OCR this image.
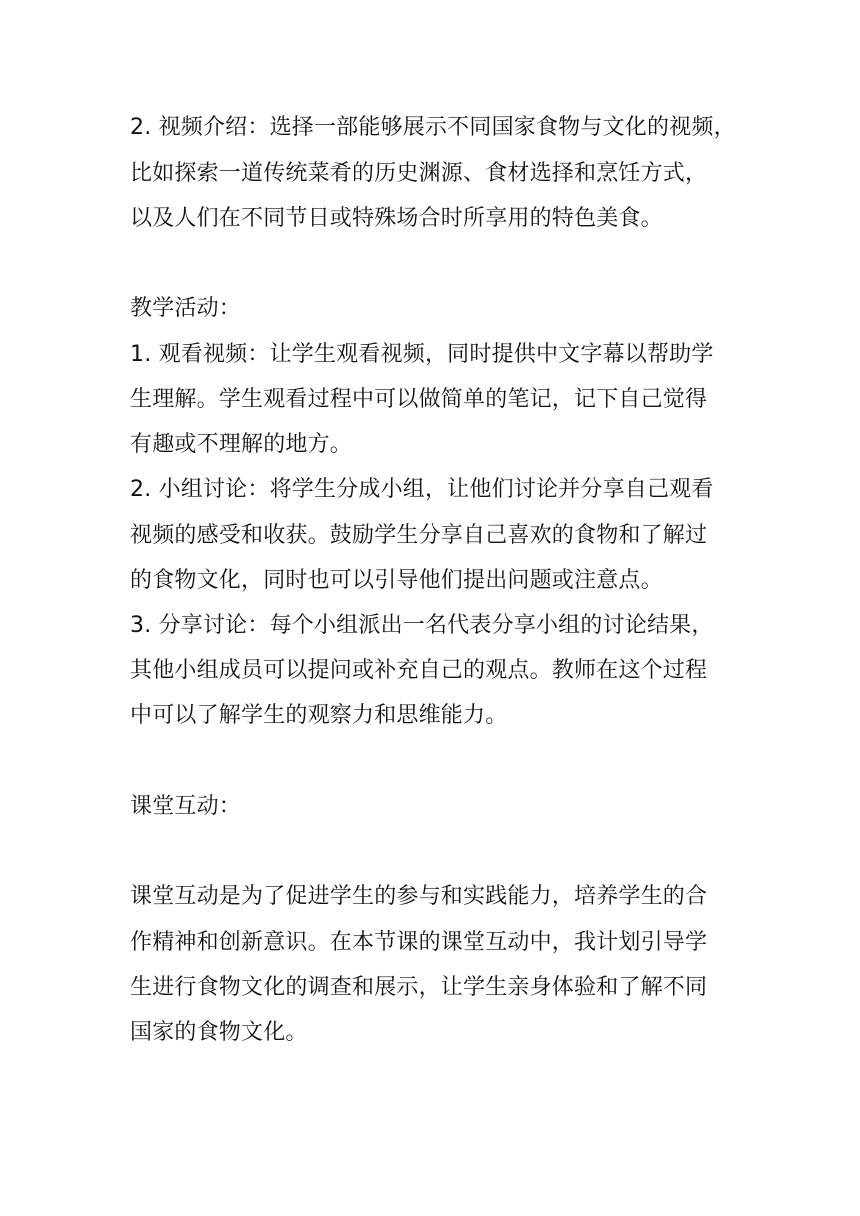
2. 视频介绍：选择一部能够展示不同国家食物与文化的视频，
比如探索一道传统菜肴的历史渊源、食材选择和烹饪方式，
以及人们在不同节日或特殊场合时所享用的特色美食。
教学活动：
1. 观看视频：让学生观看视频，同时提供中文字幕以帮助学
生理解。学生观看过程中可以做简单的笔记，记下自己觉得
有趣或不理解的地方。
2. 小组讨论：将学生分成小组，让他们讨论并分享自己观看
视频的感受和收获。鼓励学生分享自己喜欢的食物和了解过
的食物文化，同时也可以引导他们提出问题或注意点。
3. 分享讨论：每个小组派出一名代表分享小组的讨论结果，
其他小组成员可以提问或补充自己的观点。教师在这个过程
中可以了解学生的观察力和思维能力。
课堂互动：
课堂互动是为了促进学生的参与和实践能力，培养学生的合
作精神和创新意识。在本节课的课堂互动中，我计划引导学
生进行食物文化的调查和展示，让学生亲身体验和了解不同
国家的食物文化。
